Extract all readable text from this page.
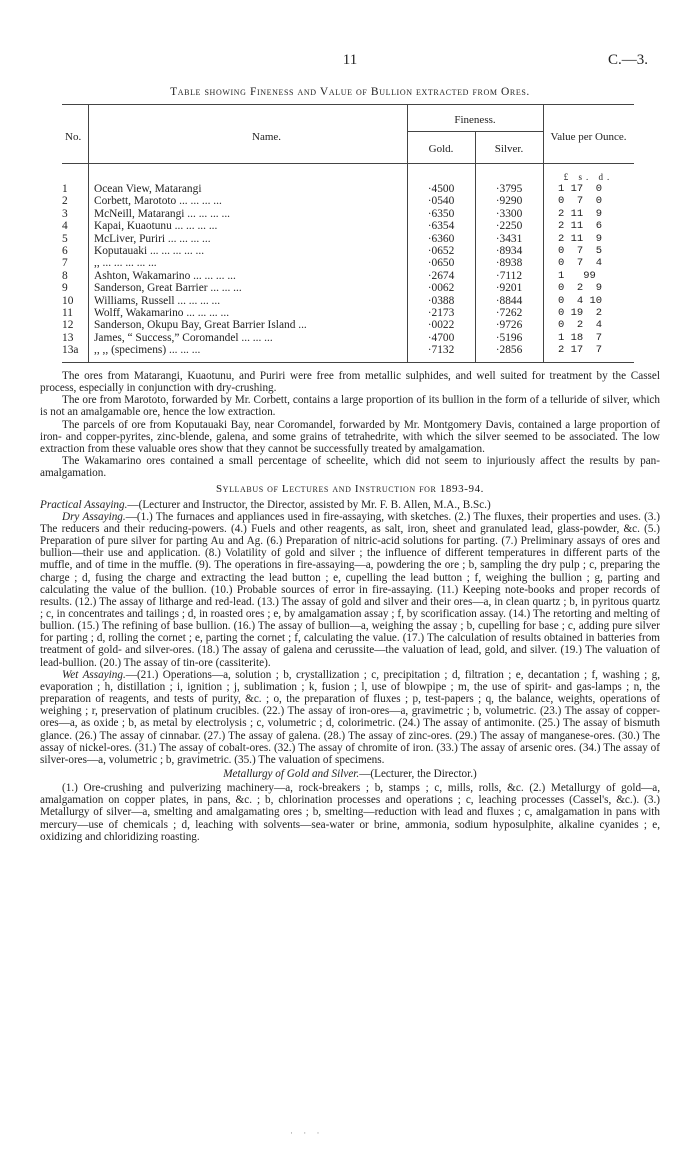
11	C.—3.
Table showing Fineness and Value of Bullion extracted from Ores.
No.	Name.
Fineness.
Gold.	Silver.
Value per Ounce.
£ s. d.
1	Ocean View, Matarangi	·4500	·3795	1 17  0
2	Corbett, Marototo ... ... ... ...	·0540	·9290	0  7  0
3	McNeill, Matarangi ... ... ... ...	·6350	·3300	2 11  9
4	Kapai, Kuaotunu ... ... ... ...	·6354	·2250	2 11  6
5	McLiver, Puriri ... ... ... ...	·6360	·3431	2 11  9
6	Koputauaki ... ... ... ... ...	·0652	·8934	0  7  5
7	,, ... ... ... ... ...	·0650	·8938	0  7  4
8	Ashton, Wakamarino ... ... ... ...	·2674	·7112	1   99
9	Sanderson, Great Barrier ... ... ...	·0062	·9201	0  2  9
10	Williams, Russell ... ... ... ...	·0388	·8844	0  4 10
11	Wolff, Wakamarino ... ... ... ...	·2173	·7262	0 19  2
12	Sanderson, Okupu Bay, Great Barrier Island ...	·0022	·9726	0  2  4
13	James, “ Success,” Coromandel ... ... ...	·4700	·5196	1 18  7
13a	,, ,, (specimens) ... ... ...	·7132	·2856	2 17  7

The ores from Matarangi, Kuaotunu, and Puriri were free from metallic sulphides, and well suited for treatment by the Cassel process, especially in conjunction with dry-crushing.

The ore from Marototo, forwarded by Mr. Corbett, contains a large proportion of its bullion in the form of a telluride of silver, which is not an amalgamable ore, hence the low extraction.

The parcels of ore from Koputauaki Bay, near Coromandel, forwarded by Mr. Montgomery Davis, contained a large proportion of iron- and copper-pyrites, zinc-blende, galena, and some grains of tetrahedrite, with which the silver seemed to be associated. The low extraction from these valuable ores show that they cannot be successfully treated by amalgamation.

The Wakamarino ores contained a small percentage of scheelite, which did not seem to injuriously affect the results by pan-amalgamation.

Syllabus of Lectures and Instruction for 1893-94.

Practical Assaying.—(Lecturer and Instructor, the Director, assisted by Mr. F. B. Allen, M.A., B.Sc.)

Dry Assaying.—(1.) The furnaces and appliances used in fire-assaying, with sketches. (2.) The fluxes, their properties and uses. (3.) The reducers and their reducing-powers. (4.) Fuels and other reagents, as salt, iron, sheet and granulated lead, glass-powder, &c. (5.) Preparation of pure silver for parting Au and Ag. (6.) Preparation of nitric-acid solutions for parting. (7.) Preliminary assays of ores and bullion—their use and application. (8.) Volatility of gold and silver ; the influence of different temperatures in different parts of the muffle, and of time in the muffle. (9). The operations in fire-assaying—a, powdering the ore ; b, sampling the dry pulp ; c, preparing the charge ; d, fusing the charge and extracting the lead button ; e, cupelling the lead button ; f, weighing the bullion ; g, parting and calculating the value of the bullion. (10.) Probable sources of error in fire-assaying. (11.) Keeping note-books and proper records of results. (12.) The assay of litharge and red-lead. (13.) The assay of gold and silver and their ores—a, in clean quartz ; b, in pyritous quartz ; c, in concentrates and tailings ; d, in roasted ores ; e, by amalgamation assay ; f, by scorification assay. (14.) The retorting and melting of bullion. (15.) The refining of base bullion. (16.) The assay of bullion—a, weighing the assay ; b, cupelling for base ; c, adding pure silver for parting ; d, rolling the cornet ; e, parting the cornet ; f, calculating the value. (17.) The calculation of results obtained in batteries from treatment of gold- and silver-ores. (18.) The assay of galena and cerussite—the valuation of lead, gold, and silver. (19.) The valuation of lead-bullion. (20.) The assay of tin-ore (cassiterite).

Wet Assaying.—(21.) Operations—a, solution ; b, crystallization ; c, precipitation ; d, filtration ; e, decantation ; f, washing ; g, evaporation ; h, distillation ; i, ignition ; j, sublimation ; k, fusion ; l, use of blowpipe ; m, the use of spirit- and gas-lamps ; n, the preparation of reagents, and tests of purity, &c. ; o, the preparation of fluxes ; p, test-papers ; q, the balance, weights, operations of weighing ; r, preservation of platinum crucibles. (22.) The assay of iron-ores—a, gravimetric ; b, volumetric. (23.) The assay of copper-ores—a, as oxide ; b, as metal by electrolysis ; c, volumetric ; d, colorimetric. (24.) The assay of antimonite. (25.) The assay of bismuth glance. (26.) The assay of cinnabar. (27.) The assay of galena. (28.) The assay of zinc-ores. (29.) The assay of manganese-ores. (30.) The assay of nickel-ores. (31.) The assay of cobalt-ores. (32.) The assay of chromite of iron. (33.) The assay of arsenic ores. (34.) The assay of silver-ores—a, volumetric ; b, gravimetric. (35.) The valuation of specimens.

Metallurgy of Gold and Silver.—(Lecturer, the Director.)

(1.) Ore-crushing and pulverizing machinery—a, rock-breakers ; b, stamps ; c, mills, rolls, &c. (2.) Metallurgy of gold—a, amalgamation on copper plates, in pans, &c. ; b, chlorination processes and operations ; c, leaching processes (Cassel's, &c.). (3.) Metallurgy of silver—a, smelting and amalgamating ores ; b, smelting—reduction with lead and fluxes ; c, amalgamation in pans with mercury—use of chemicals ; d, leaching with solvents—sea-water or brine, ammonia, sodium hyposulphite, alkaline cyanides ; e, oxidizing and chloridizing roasting.

· · ·
